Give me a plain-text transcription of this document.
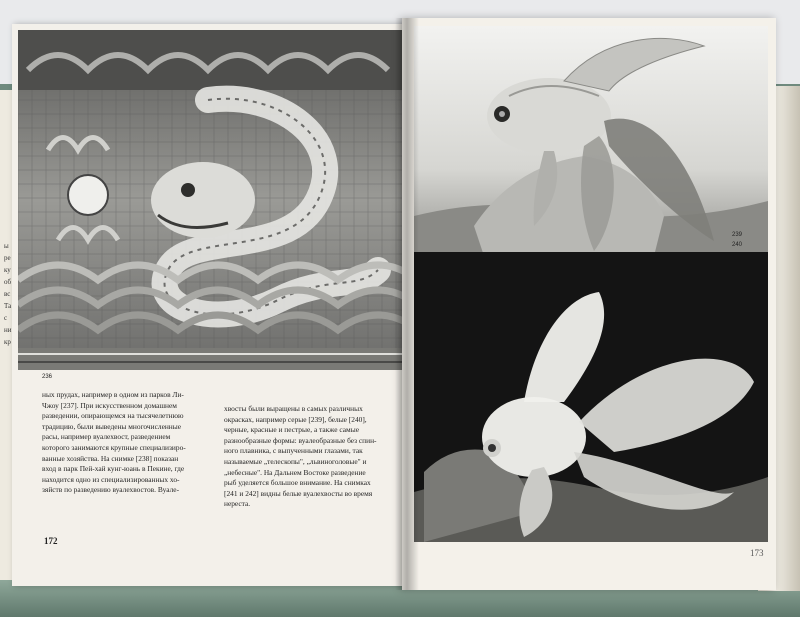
ы
ре
ку
об
вс
Та
с
ни
кр
236
ных прудах, например в одном из парков Ли-
Чжоу [237]. При искусственном домашнем
разведении, опирающемся на тысячелетнюю
традицию, были выведены многочисленные
расы, например вуалехвост, разведением
которого занимаются крупные специализиро-
ванные хозяйства. На снимке [238] показан
вход в парк Пей-хай кунг-юань в Пекине, где
находится одно из специализированных хо-
зяйств по разведению вуалехвостов. Вуале-
хвосты были выращены в самых различных
окрасках, например серые [239], белые [240],
черные, красные и пестрые, а также самые
разнообразные формы: вуалеобразные без спин-
ного плавника, с выпученными глазами, так
называемые „телескопы", „львиноголовые" и
„небесные". На Дальнем Востоке разведение
рыб уделяется большое внимание. На снимках
[241 и 242] видны белые вуалехвосты во время
нереста.
172
239
240
173
